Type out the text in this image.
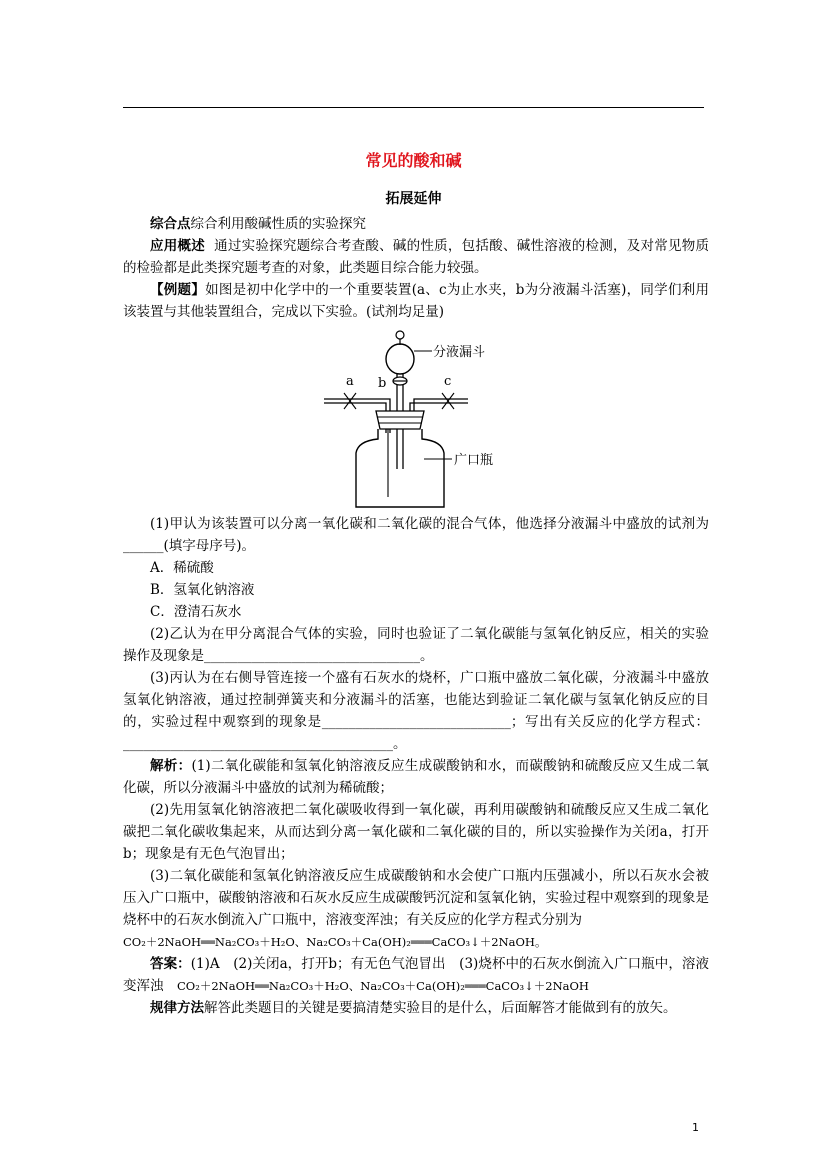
常见的酸和碱
拓展延伸

综合点综合利用酸碱性质的实验探究

应用概述 通过实验探究题综合考查酸、碱的性质，包括酸、碱性溶液的检测，及对常见物质的检验都是此类探究题考查的对象，此类题目综合能力较强。

【例题】如图是初中化学中的一个重要装置(a、c为止水夹，b为分液漏斗活塞)，同学们利用该装置与其他装置组合，完成以下实验。(试剂均足量)

分液漏斗
a b	c
广口瓶

(1)甲认为该装置可以分离一氧化碳和二氧化碳的混合气体，他选择分液漏斗中盛放的试剂为______(填字母序号)。

A．稀硫酸

B．氢氧化钠溶液

C．澄清石灰水

(2)乙认为在甲分离混合气体的实验，同时也验证了二氧化碳能与氢氧化钠反应，相关的实验操作及现象是________________________________。

(3)丙认为在右侧导管连接一个盛有石灰水的烧杯，广口瓶中盛放二氧化碳，分液漏斗中盛放氢氧化钠溶液，通过控制弹簧夹和分液漏斗的活塞，也能达到验证二氧化碳与氢氧化钠反应的目的，实验过程中观察到的现象是____________________________；写出有关反应的化学方程式：________________________________________。

解析：(1)二氧化碳能和氢氧化钠溶液反应生成碳酸钠和水，而碳酸钠和硫酸反应又生成二氧化碳，所以分液漏斗中盛放的试剂为稀硫酸；

(2)先用氢氧化钠溶液把二氧化碳吸收得到一氧化碳，再利用碳酸钠和硫酸反应又生成二氧化碳把二氧化碳收集起来，从而达到分离一氧化碳和二氧化碳的目的，所以实验操作为关闭a，打开b；现象是有无色气泡冒出；

(3)二氧化碳能和氢氧化钠溶液反应生成碳酸钠和水会使广口瓶内压强减小，所以石灰水会被压入广口瓶中，碳酸钠溶液和石灰水反应生成碳酸钙沉淀和氢氧化钠，实验过程中观察到的现象是烧杯中的石灰水倒流入广口瓶中，溶液变浑浊；有关反应的化学方程式分别为

CO₂＋2NaOH══Na₂CO₃＋H₂O、Na₂CO₃＋Ca(OH)₂═══CaCO₃↓＋2NaOH。

答案：(1)A　(2)关闭a，打开b；有无色气泡冒出　(3)烧杯中的石灰水倒流入广口瓶中，溶液变浑浊　CO₂＋2NaOH══Na₂CO₃＋H₂O、Na₂CO₃＋Ca(OH)₂═══CaCO₃↓＋2NaOH

规律方法解答此类题目的关键是要搞清楚实验目的是什么，后面解答才能做到有的放矢。

1
